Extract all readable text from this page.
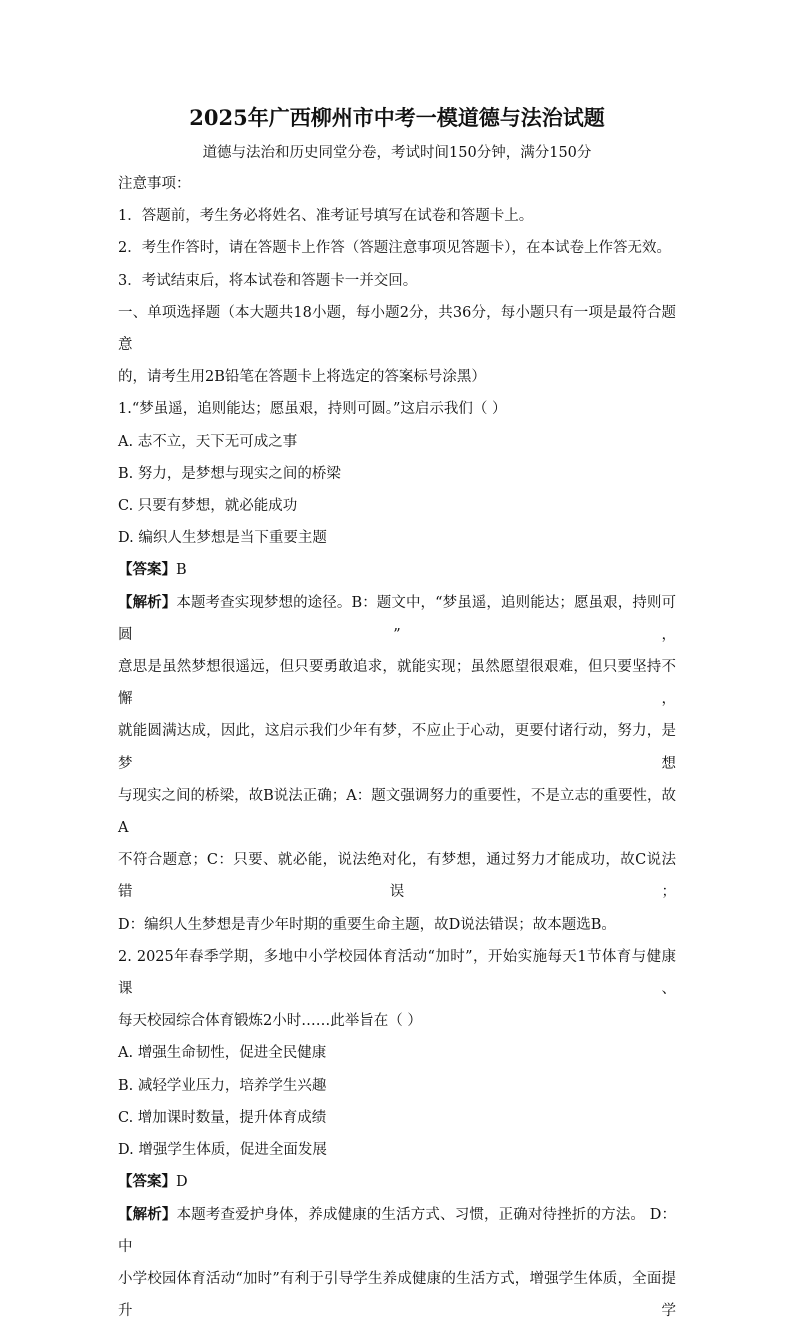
2025年广西柳州市中考一模道德与法治试题

道德与法治和历史同堂分卷，考试时间150分钟，满分150分

注意事项：

1．答题前，考生务必将姓名、准考证号填写在试卷和答题卡上。

2．考生作答时，请在答题卡上作答（答题注意事项见答题卡），在本试卷上作答无效。

3．考试结束后，将本试卷和答题卡一并交回。

一、单项选择题（本大题共18小题，每小题2分，共36分，每小题只有一项是最符合题意

的，请考生用2B铅笔在答题卡上将选定的答案标号涂黑）

1.“梦虽遥，追则能达；愿虽艰，持则可圆。”这启示我们（ ）

A. 志不立，天下无可成之事

B. 努力，是梦想与现实之间的桥梁

C. 只要有梦想，就必能成功

D. 编织人生梦想是当下重要主题

【答案】B

【解析】本题考查实现梦想的途径。B：题文中，“梦虽遥，追则能达；愿虽艰，持则可圆”，

意思是虽然梦想很遥远，但只要勇敢追求，就能实现；虽然愿望很艰难，但只要坚持不懈，

就能圆满达成，因此，这启示我们少年有梦，不应止于心动，更要付诸行动，努力，是梦想

与现实之间的桥梁，故B说法正确；A：题文强调努力的重要性，不是立志的重要性，故A

不符合题意；C：只要、就必能，说法绝对化，有梦想，通过努力才能成功，故C说法错误；

D：编织人生梦想是青少年时期的重要生命主题，故D说法错误；故本题选B。

2. 2025年春季学期，多地中小学校园体育活动“加时”，开始实施每天1节体育与健康课、

每天校园综合体育锻炼2小时……此举旨在（ ）

A. 增强生命韧性，促进全民健康

B. 减轻学业压力，培养学生兴趣

C. 增加课时数量，提升体育成绩

D. 增强学生体质，促进全面发展

【答案】D

【解析】本题考查爱护身体，养成健康的生活方式、习惯，正确对待挫折的方法。 D：中

小学校园体育活动“加时”有利于引导学生养成健康的生活方式，增强学生体质，全面提升学
